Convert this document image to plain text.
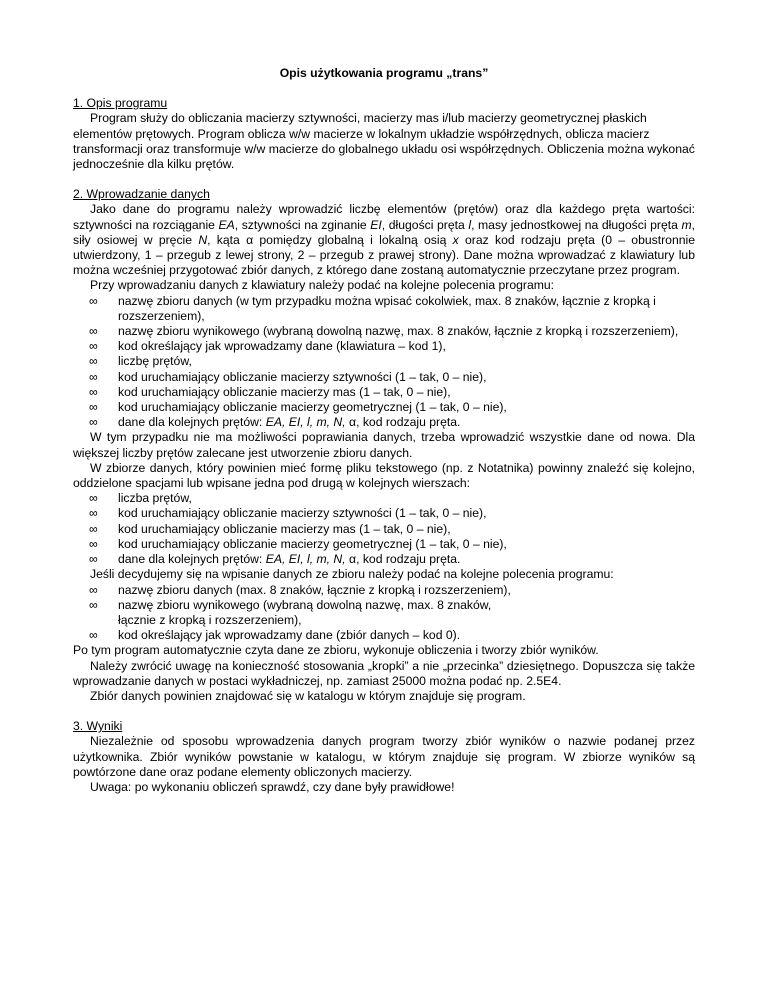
Opis użytkowania programu „trans”
1. Opis programu

Program służy do obliczania macierzy sztywności, macierzy mas i/lub macierzy geometrycznej płaskich elementów prętowych. Program oblicza w/w macierze w lokalnym układzie współrzędnych, oblicza macierz transformacji oraz transformuje w/w macierze do globalnego układu osi współrzędnych. Obliczenia można wykonać jednocześnie dla kilku prętów.

2. Wprowadzanie danych

Jako dane do programu należy wprowadzić liczbę elementów (prętów) oraz dla każdego pręta wartości: sztywności na rozciąganie EA, sztywności na zginanie EI, długości pręta l, masy jednostkowej na długości pręta m, siły osiowej w pręcie N, kąta α pomiędzy globalną i lokalną osią x oraz kod rodzaju pręta (0 – obustronnie utwierdzony, 1 – przegub z lewej strony, 2 – przegub z prawej strony). Dane można wprowadzać z klawiatury lub można wcześniej przygotować zbiór danych, z którego dane zostaną automatycznie przeczytane przez program.

Przy wprowadzaniu danych z klawiatury należy podać na kolejne polecenia programu:

∞ nazwę zbioru danych (w tym przypadku można wpisać cokolwiek, max. 8 znaków, łącznie z kropką i rozszerzeniem),
∞ nazwę zbioru wynikowego (wybraną dowolną nazwę, max. 8 znaków, łącznie z kropką i rozszerzeniem),
∞ kod określający jak wprowadzamy dane (klawiatura – kod 1),
∞ liczbę prętów,
∞ kod uruchamiający obliczanie macierzy sztywności (1 – tak, 0 – nie),
∞ kod uruchamiający obliczanie macierzy mas (1 – tak, 0 – nie),
∞ kod uruchamiający obliczanie macierzy geometrycznej (1 – tak, 0 – nie),
∞ dane dla kolejnych prętów: EA, EI, l, m, N, α, kod rodzaju pręta.

W tym przypadku nie ma możliwości poprawiania danych, trzeba wprowadzić wszystkie dane od nowa. Dla większej liczby prętów zalecane jest utworzenie zbioru danych.

W zbiorze danych, który powinien mieć formę pliku tekstowego (np. z Notatnika) powinny znaleźć się kolejno, oddzielone spacjami lub wpisane jedna pod drugą w kolejnych wierszach:

∞ liczba prętów,
∞ kod uruchamiający obliczanie macierzy sztywności (1 – tak, 0 – nie),
∞ kod uruchamiający obliczanie macierzy mas (1 – tak, 0 – nie),
∞ kod uruchamiający obliczanie macierzy geometrycznej (1 – tak, 0 – nie),
∞ dane dla kolejnych prętów: EA, EI, l, m, N, α, kod rodzaju pręta.

Jeśli decydujemy się na wpisanie danych ze zbioru należy podać na kolejne polecenia programu:

∞ nazwę zbioru danych (max. 8 znaków, łącznie z kropką i rozszerzeniem),
∞ nazwę zbioru wynikowego (wybraną dowolną nazwę, max. 8 znaków, łącznie z kropką i rozszerzeniem),
∞ kod określający jak wprowadzamy dane (zbiór danych – kod 0).

Po tym program automatycznie czyta dane ze zbioru, wykonuje obliczenia i tworzy zbiór wyników.

Należy zwrócić uwagę na konieczność stosowania „kropki” a nie „przecinka” dziesiętnego. Dopuszcza się także wprowadzanie danych w postaci wykładniczej, np. zamiast 25000 można podać np. 2.5E4.

Zbiór danych powinien znajdować się w katalogu w którym znajduje się program.

3. Wyniki

Niezależnie od sposobu wprowadzenia danych program tworzy zbiór wyników o nazwie podanej przez użytkownika. Zbiór wyników powstanie w katalogu, w którym znajduje się program. W zbiorze wyników są powtórzone dane oraz podane elementy obliczonych macierzy.

Uwaga: po wykonaniu obliczeń sprawdź, czy dane były prawidłowe!
